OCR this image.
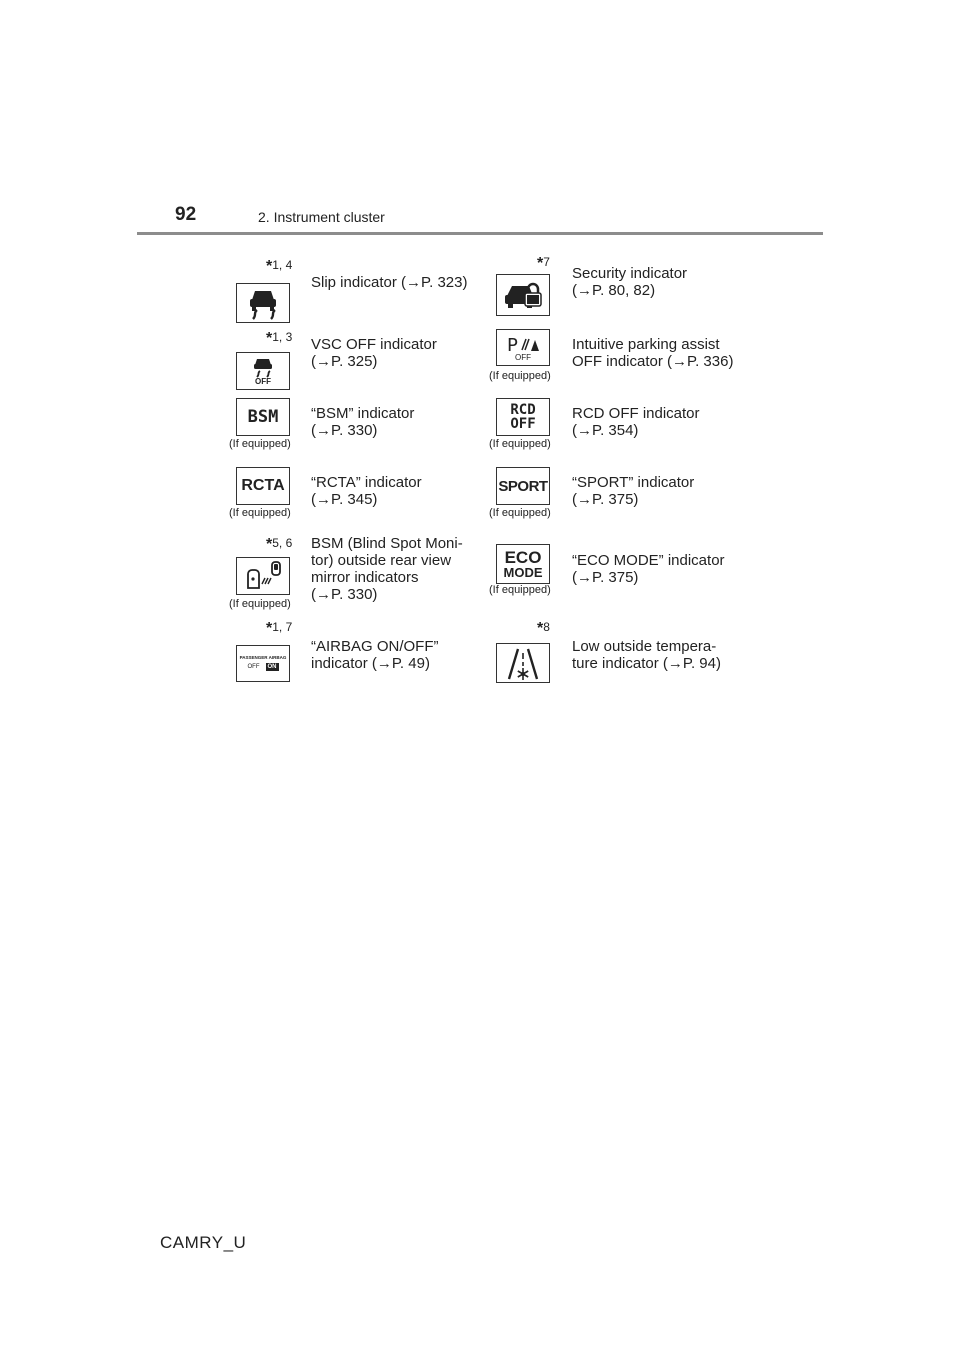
92	2. Instrument cluster
*1, 4
Slip indicator (→P. 323)
*7
Security indicator
(→P. 80, 82)
*1, 3
OFF
VSC OFF indicator
(→P. 325)
P
OFF
(If equipped)
Intuitive parking assist
OFF indicator (→P. 336)
BSM
(If equipped)
“BSM” indicator
(→P. 330)
RCD
OFF
(If equipped)
RCD OFF indicator
(→P. 354)
RCTA
(If equipped)
“RCTA” indicator
(→P. 345)
SPORT
(If equipped)
“SPORT” indicator
(→P. 375)
*5, 6
(If equipped)
BSM (Blind Spot Moni-
tor) outside rear view
mirror indicators
(→P. 330)
ECO
MODE
(If equipped)
“ECO MODE” indicator
(→P. 375)
*1, 7
PASSENGER AIRBAG
OFF	ON
“AIRBAG ON/OFF”
indicator (→P. 49)
*8
Low outside tempera-
ture indicator (→P. 94)
CAMRY_U
